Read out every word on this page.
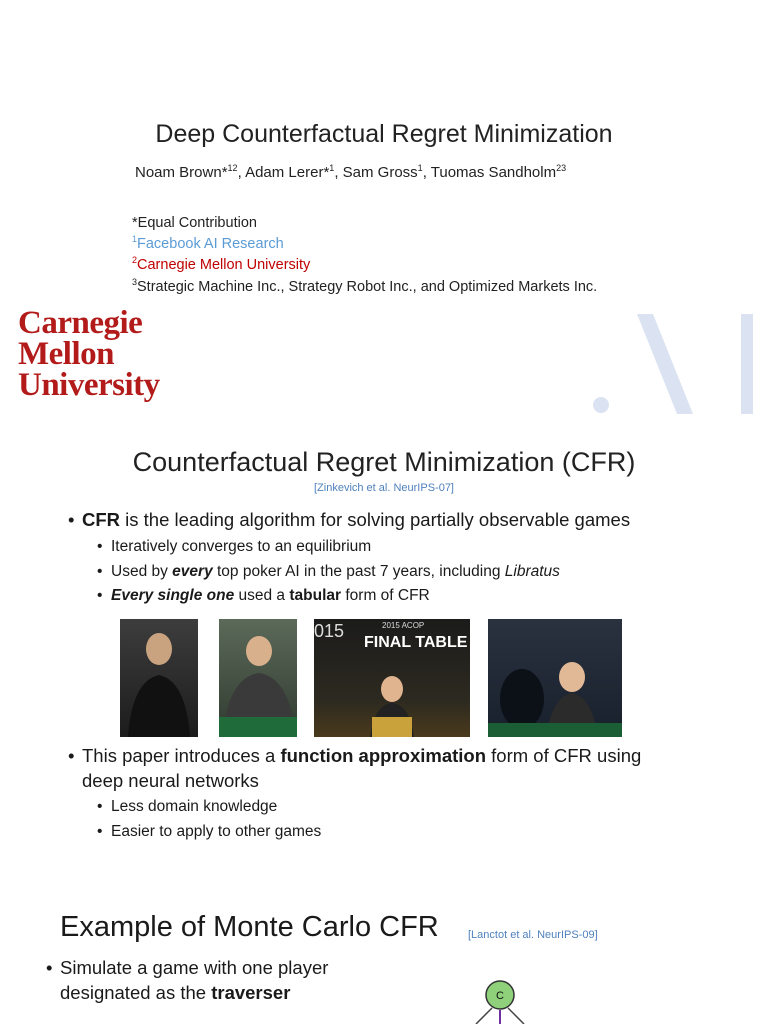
Deep Counterfactual Regret Minimization
Noam Brown*$^{12}$, Adam Lerer*$^1$, Sam Gross$^1$, Tuomas Sandholm$^{23}$
*Equal Contribution
$^1$Facebook AI Research
$^2$Carnegie Mellon University
$^3$Strategic Machine Inc., Strategy Robot Inc., and Optimized Markets Inc.
Carnegie
Mellon
University
Counterfactual Regret Minimization (CFR)
[Zinkevich et al. NeurIPS-07]
• CFR is the leading algorithm for solving partially observable games
• Iteratively converges to an equilibrium
• Used by every top poker AI in the past 7 years, including Libratus
• Every single one used a tabular form of CFR
015	2015 ACOP
FINAL TABLE
• This paper introduces a function approximation form of CFR using
deep neural networks
• Less domain knowledge
• Easier to apply to other games
Example of Monte Carlo CFR	[Lanctot et al. NeurIPS-09]
• Simulate a game with one player
designated as the traverser	C
